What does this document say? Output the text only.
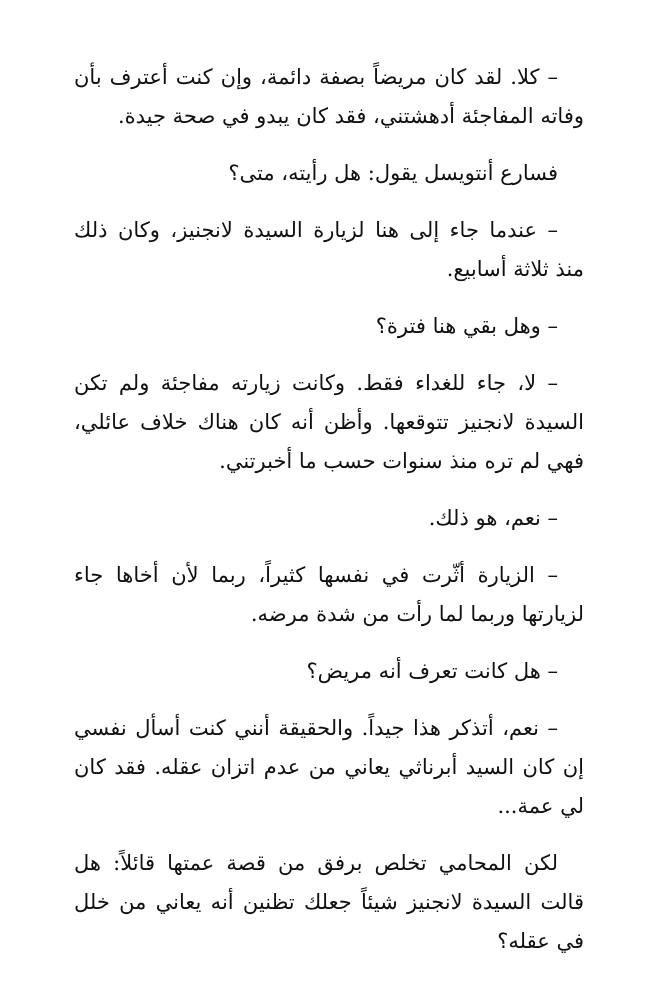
– كلا. لقد كان مريضاً بصفة دائمة، وإن كنت أعترف بأن وفاته المفاجئة أدهشتني، فقد كان يبدو في صحة جيدة.

فسارع أنتويسل يقول: هل رأيته، متى؟

– عندما جاء إلى هنا لزيارة السيدة لانجنيز، وكان ذلك منذ ثلاثة أسابيع.

– وهل بقي هنا فترة؟

– لا، جاء للغداء فقط. وكانت زيارته مفاجئة ولم تكن السيدة لانجنيز تتوقعها. وأظن أنه كان هناك خلاف عائلي، فهي لم تره منذ سنوات حسب ما أخبرتني.

– نعم، هو ذلك.

– الزيارة أثّرت في نفسها كثيراً، ربما لأن أخاها جاء لزيارتها وربما لما رأت من شدة مرضه.

– هل كانت تعرف أنه مريض؟

– نعم، أتذكر هذا جيداً. والحقيقة أنني كنت أسأل نفسي إن كان السيد أبرناثي يعاني من عدم اتزان عقله. فقد كان لي عمة...

لكن المحامي تخلص برفق من قصة عمتها قائلاً: هل قالت السيدة لانجنيز شيئاً جعلك تظنين أنه يعاني من خلل في عقله؟
